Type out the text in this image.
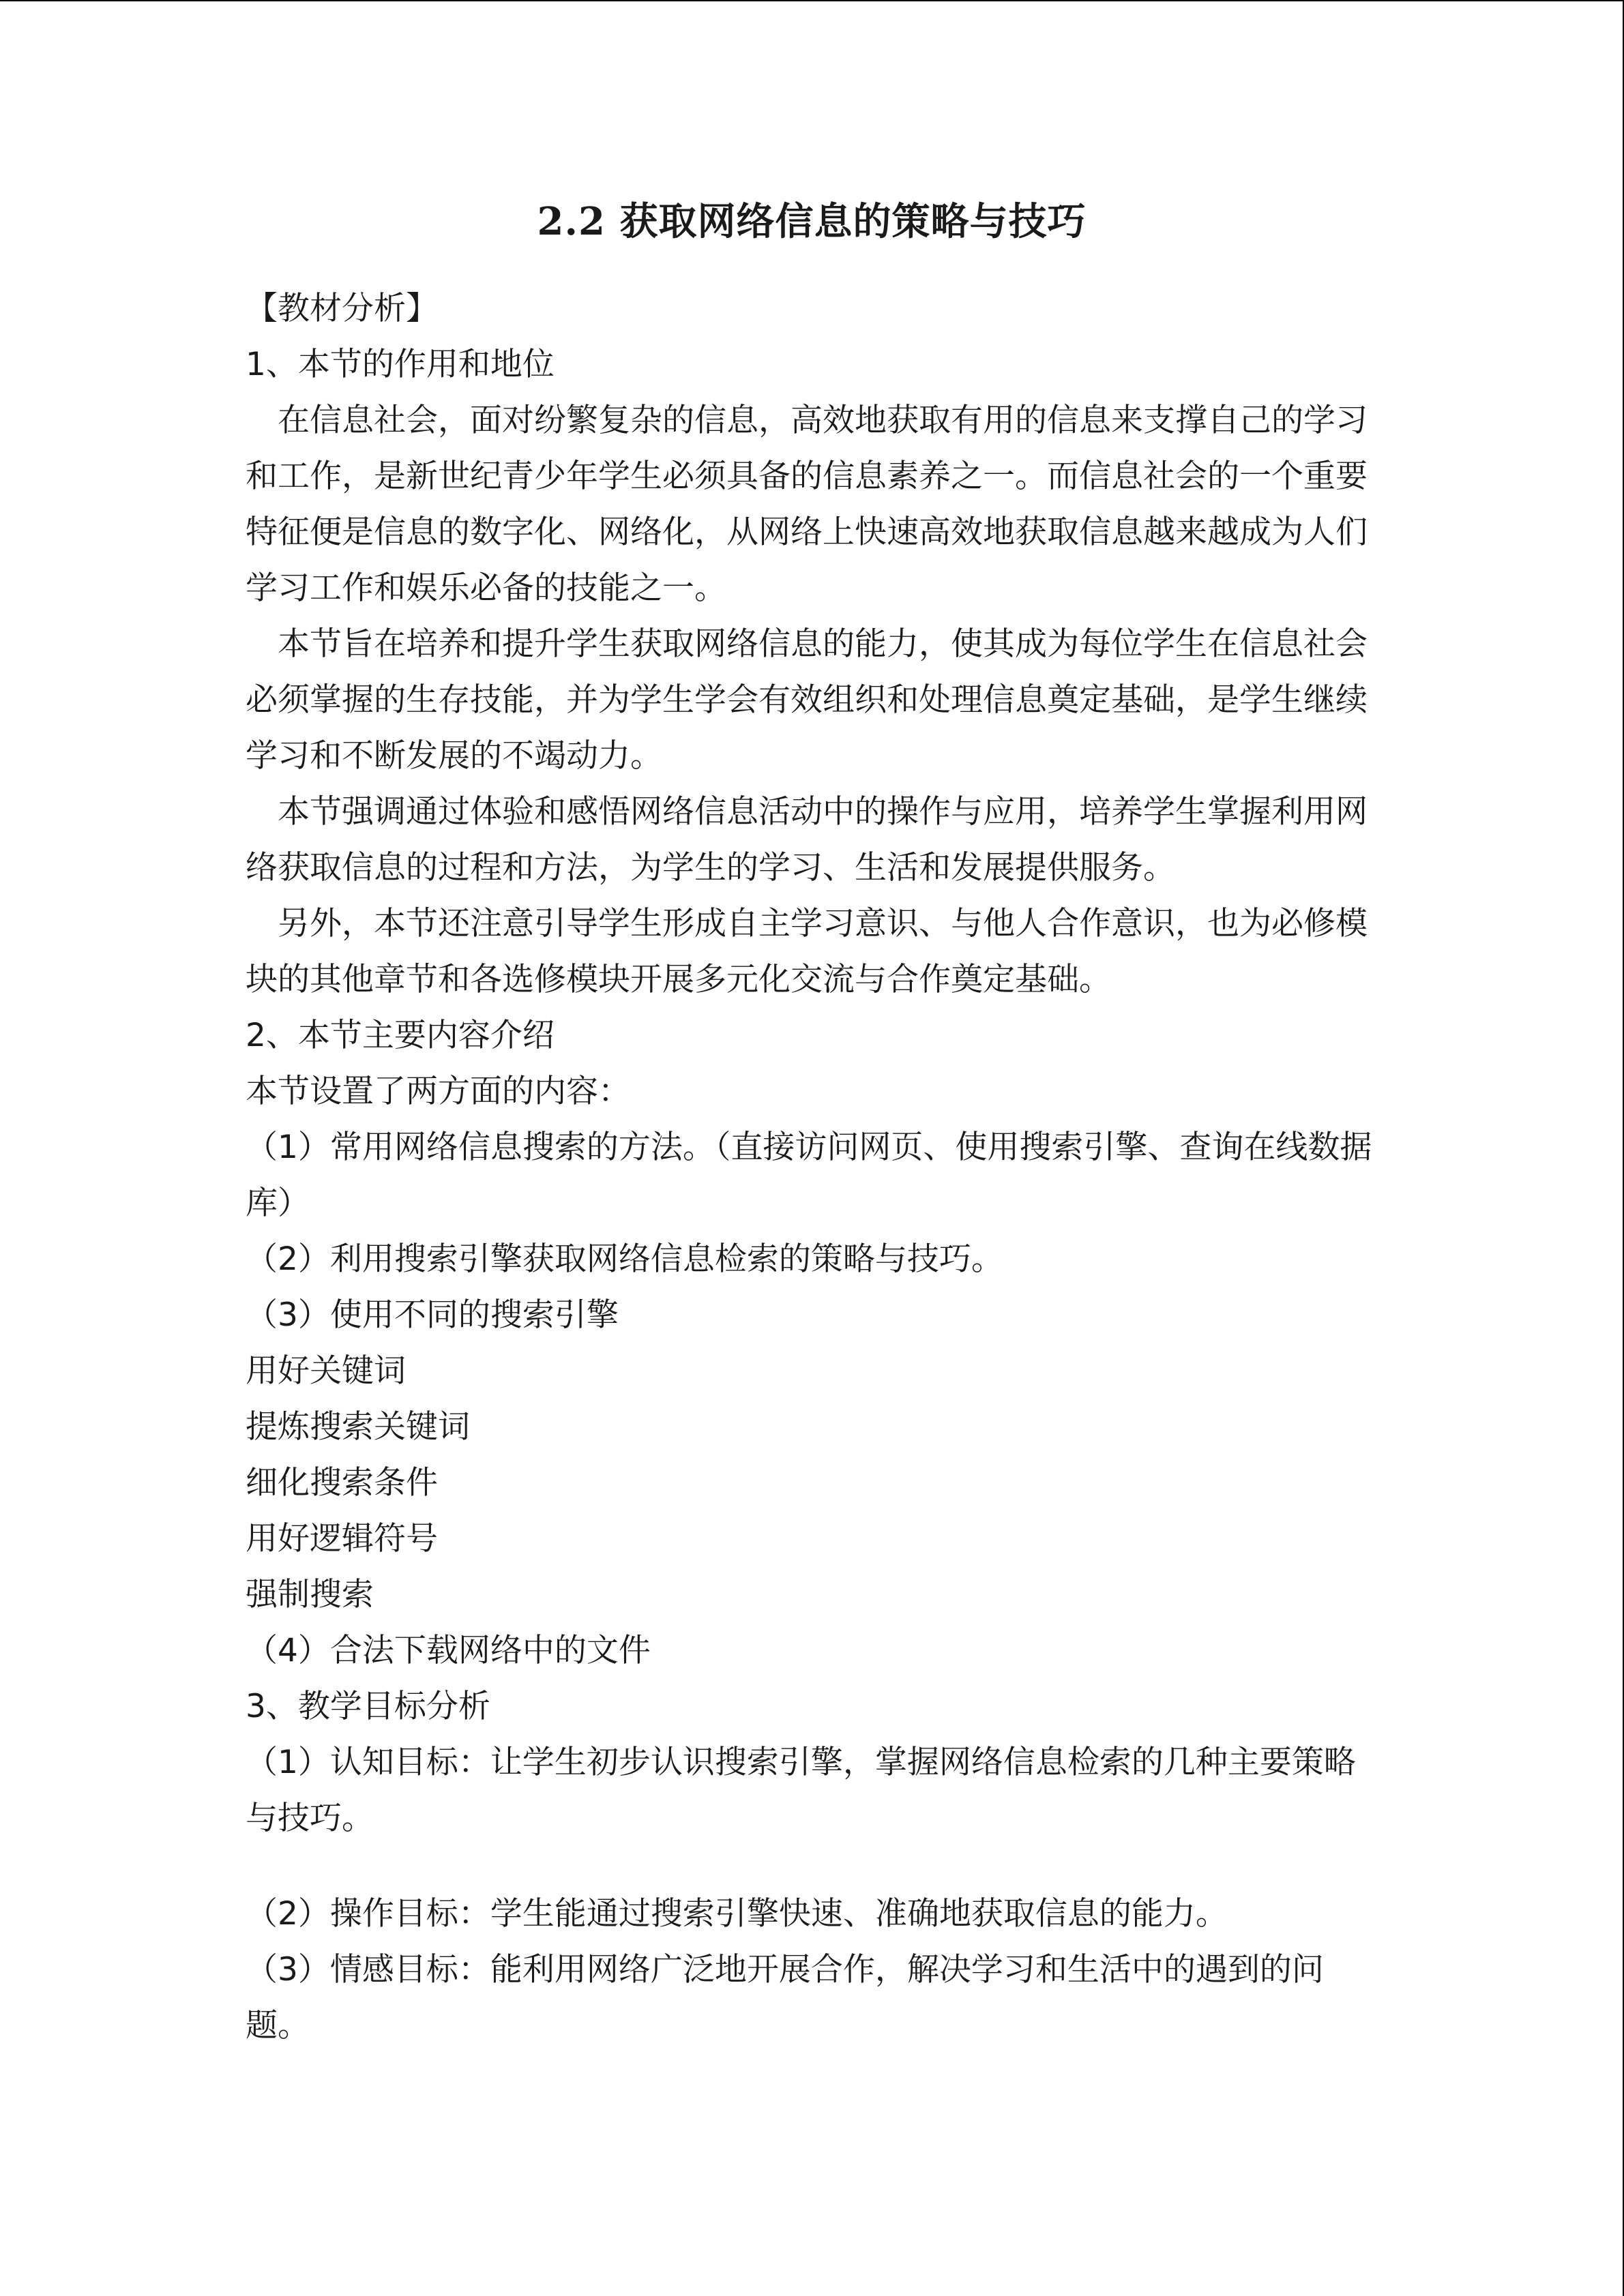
2.2 获取网络信息的策略与技巧

【教材分析】

1、本节的作用和地位

在信息社会，面对纷繁复杂的信息，高效地获取有用的信息来支撑自己的学习和工作，是新世纪青少年学生必须具备的信息素养之一。而信息社会的一个重要特征便是信息的数字化、网络化，从网络上快速高效地获取信息越来越成为人们学习工作和娱乐必备的技能之一。

本节旨在培养和提升学生获取网络信息的能力，使其成为每位学生在信息社会必须掌握的生存技能，并为学生学会有效组织和处理信息奠定基础，是学生继续学习和不断发展的不竭动力。

本节强调通过体验和感悟网络信息活动中的操作与应用，培养学生掌握利用网络获取信息的过程和方法，为学生的学习、生活和发展提供服务。

另外，本节还注意引导学生形成自主学习意识、与他人合作意识，也为必修模块的其他章节和各选修模块开展多元化交流与合作奠定基础。

2、本节主要内容介绍

本节设置了两方面的内容：

（1）常用网络信息搜索的方法。（直接访问网页、使用搜索引擎、查询在线数据库）

（2）利用搜索引擎获取网络信息检索的策略与技巧。

（3）使用不同的搜索引擎

用好关键词

提炼搜索关键词

细化搜索条件

用好逻辑符号

强制搜索

（4）合法下载网络中的文件

3、教学目标分析

（1）认知目标：让学生初步认识搜索引擎，掌握网络信息检索的几种主要策略与技巧。

（2）操作目标：学生能通过搜索引擎快速、准确地获取信息的能力。

（3）情感目标：能利用网络广泛地开展合作，解决学习和生活中的遇到的问题。
